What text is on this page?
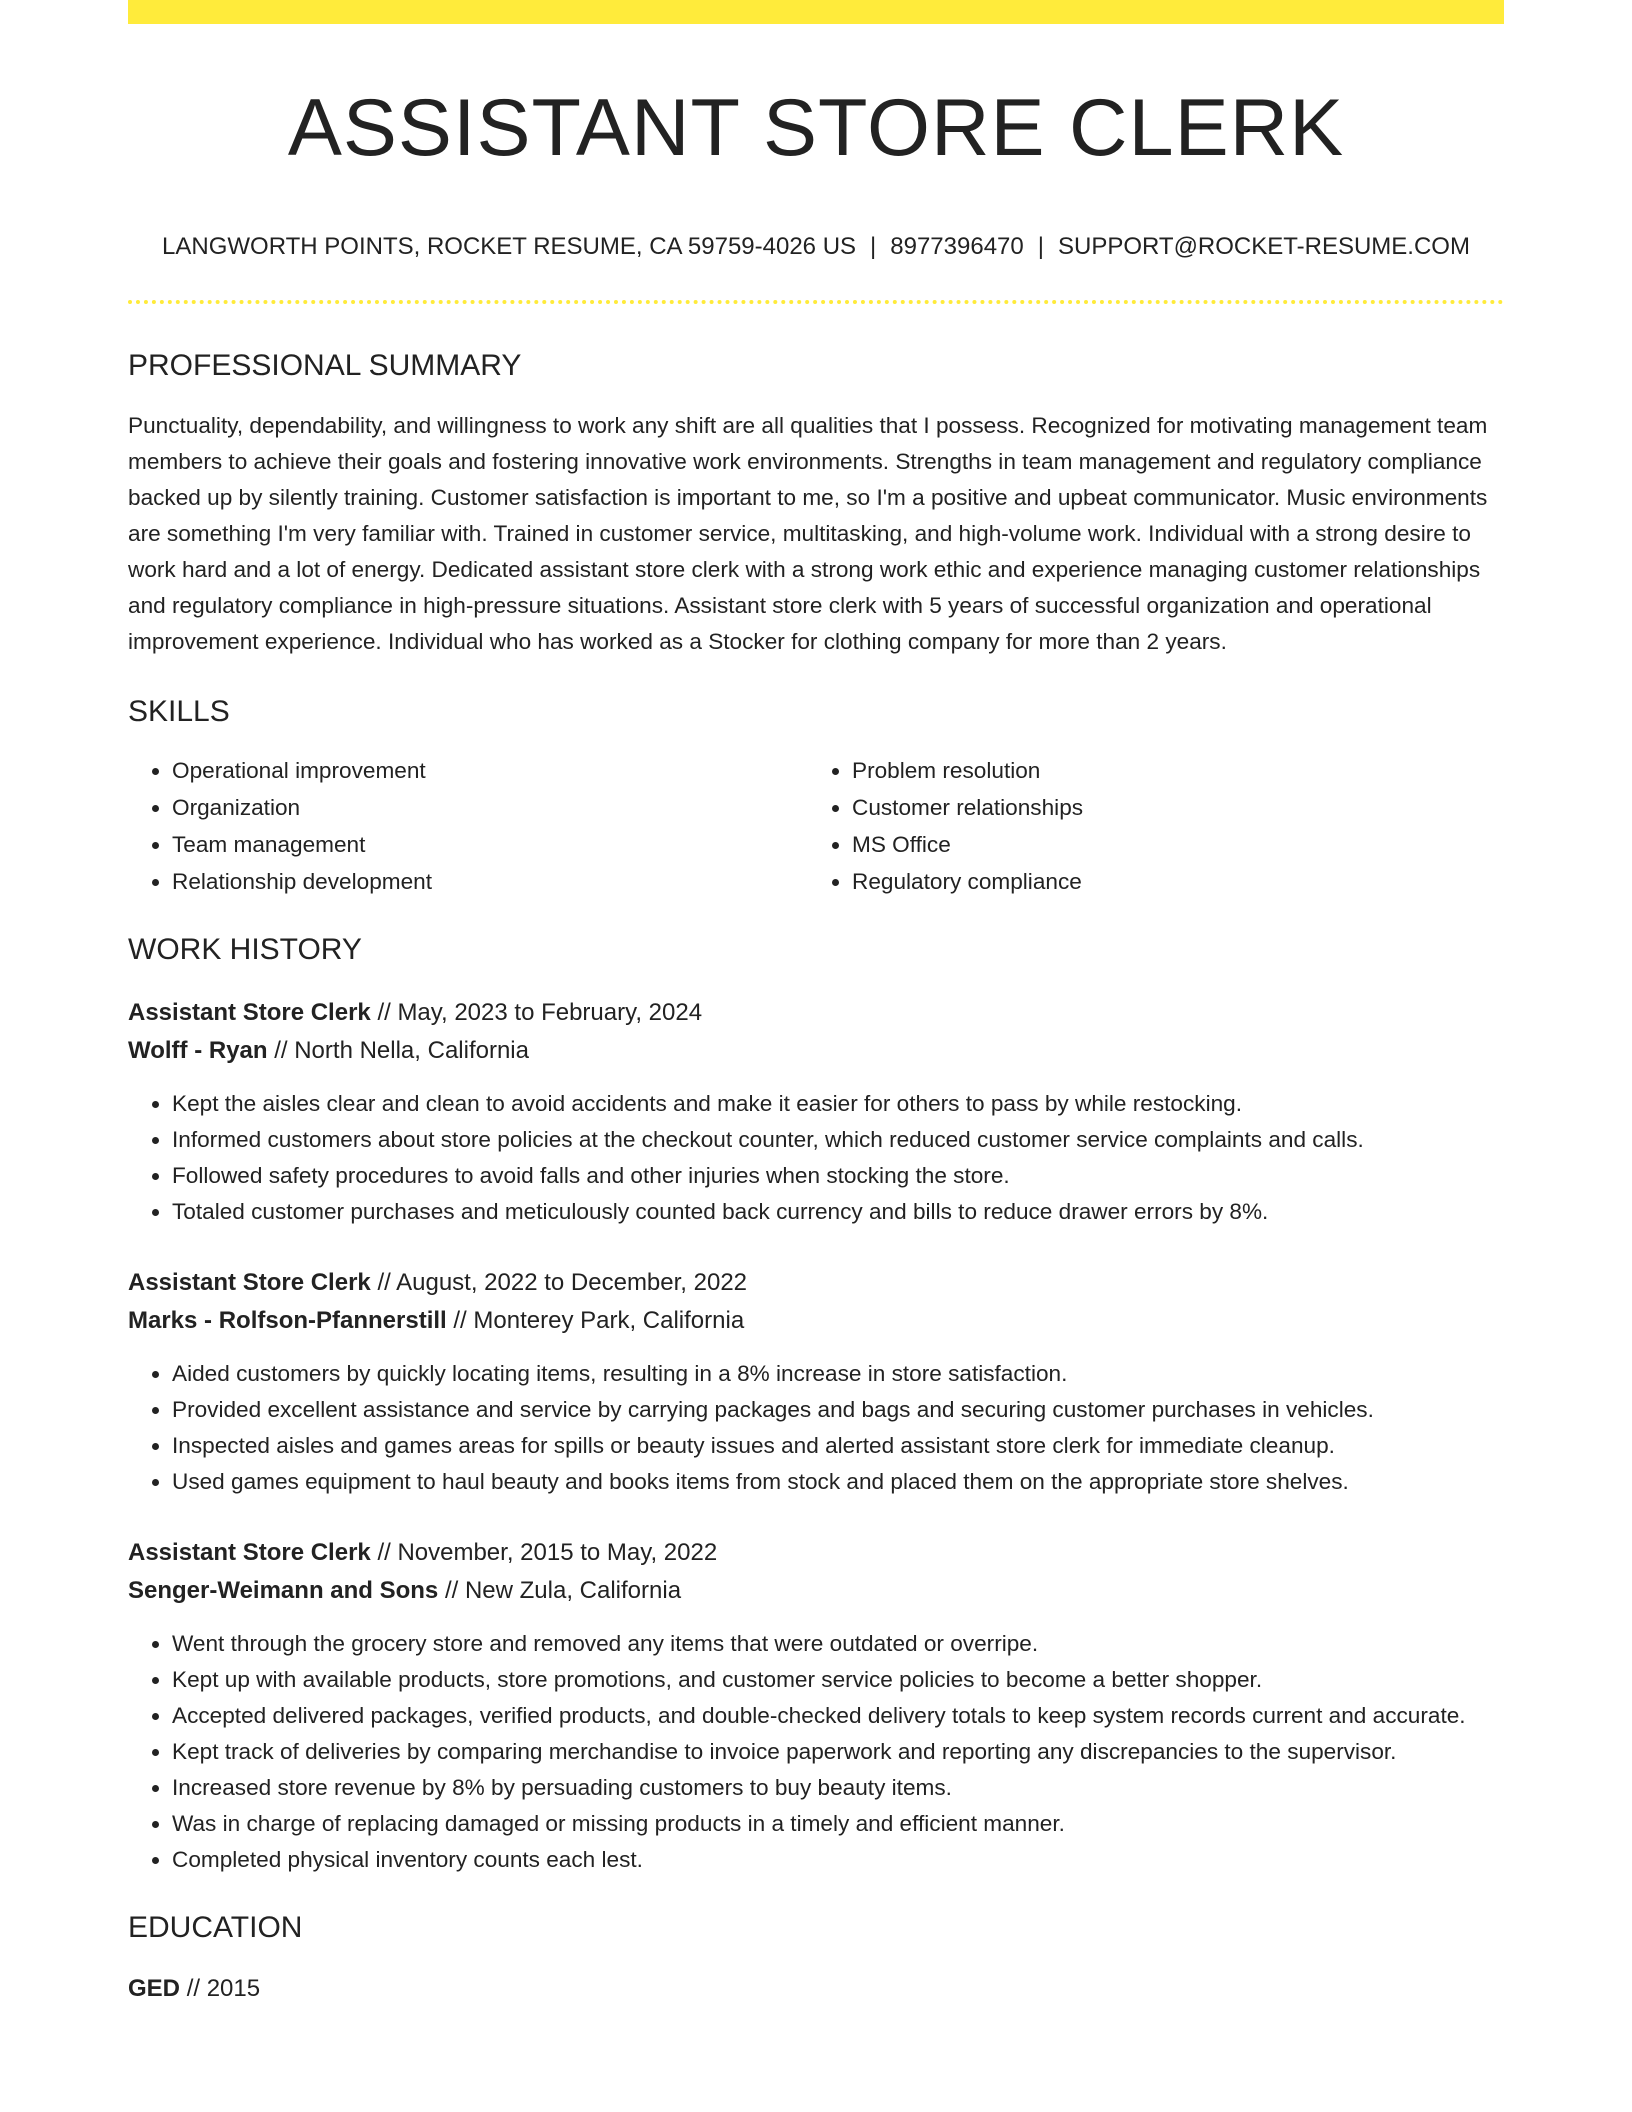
ASSISTANT STORE CLERK
LANGWORTH POINTS, ROCKET RESUME, CA 59759-4026 US | 8977396470 | SUPPORT@ROCKET-RESUME.COM
PROFESSIONAL SUMMARY
Punctuality, dependability, and willingness to work any shift are all qualities that I possess. Recognized for motivating management team members to achieve their goals and fostering innovative work environments. Strengths in team management and regulatory compliance backed up by silently training. Customer satisfaction is important to me, so I'm a positive and upbeat communicator. Music environments are something I'm very familiar with. Trained in customer service, multitasking, and high-volume work. Individual with a strong desire to work hard and a lot of energy. Dedicated assistant store clerk with a strong work ethic and experience managing customer relationships and regulatory compliance in high-pressure situations. Assistant store clerk with 5 years of successful organization and operational improvement experience. Individual who has worked as a Stocker for clothing company for more than 2 years.
SKILLS
• Operational improvement
• Organization
• Team management
• Relationship development
• Problem resolution
• Customer relationships
• MS Office
• Regulatory compliance
WORK HISTORY
Assistant Store Clerk // May, 2023 to February, 2024
Wolff - Ryan // North Nella, California
• Kept the aisles clear and clean to avoid accidents and make it easier for others to pass by while restocking.
• Informed customers about store policies at the checkout counter, which reduced customer service complaints and calls.
• Followed safety procedures to avoid falls and other injuries when stocking the store.
• Totaled customer purchases and meticulously counted back currency and bills to reduce drawer errors by 8%.
Assistant Store Clerk // August, 2022 to December, 2022
Marks - Rolfson-Pfannerstill // Monterey Park, California
• Aided customers by quickly locating items, resulting in a 8% increase in store satisfaction.
• Provided excellent assistance and service by carrying packages and bags and securing customer purchases in vehicles.
• Inspected aisles and games areas for spills or beauty issues and alerted assistant store clerk for immediate cleanup.
• Used games equipment to haul beauty and books items from stock and placed them on the appropriate store shelves.
Assistant Store Clerk // November, 2015 to May, 2022
Senger-Weimann and Sons // New Zula, California
• Went through the grocery store and removed any items that were outdated or overripe.
• Kept up with available products, store promotions, and customer service policies to become a better shopper.
• Accepted delivered packages, verified products, and double-checked delivery totals to keep system records current and accurate.
• Kept track of deliveries by comparing merchandise to invoice paperwork and reporting any discrepancies to the supervisor.
• Increased store revenue by 8% by persuading customers to buy beauty items.
• Was in charge of replacing damaged or missing products in a timely and efficient manner.
• Completed physical inventory counts each lest.
EDUCATION
GED // 2015
